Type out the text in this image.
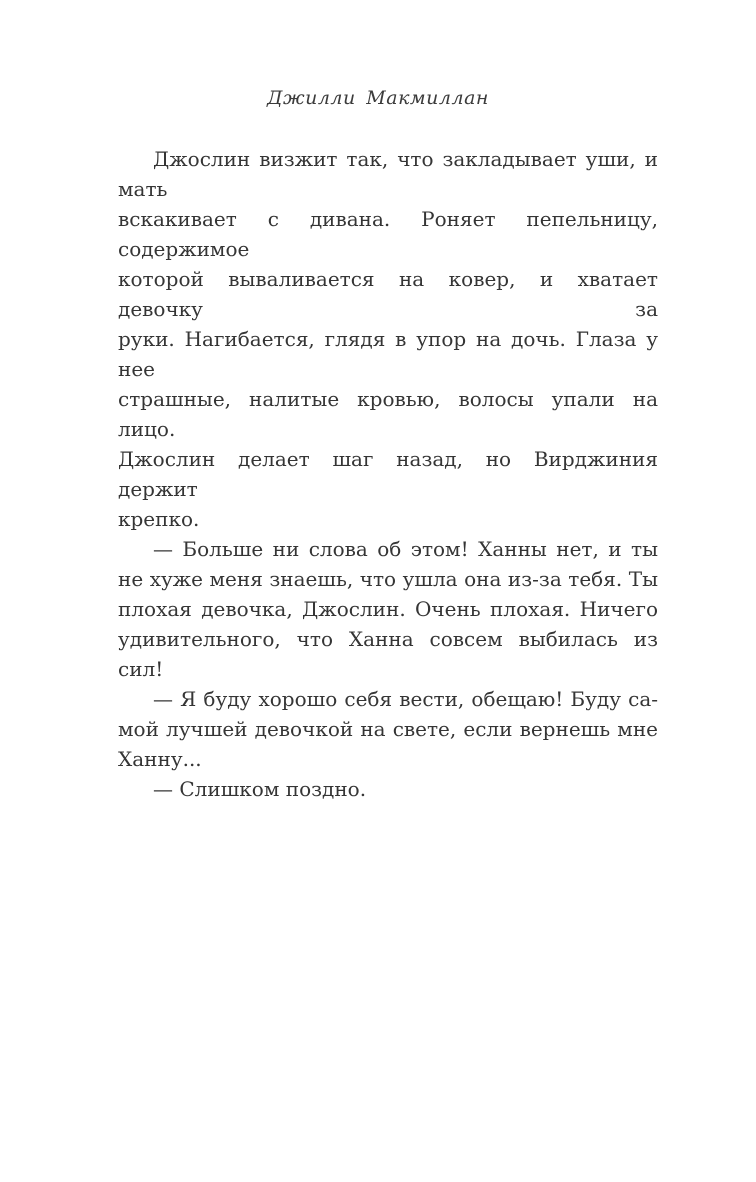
Джилли Макмиллан

Джослин визжит так, что закладывает уши, и мать
вскакивает с дивана. Роняет пепельницу, содержимое
которой вываливается на ковер, и хватает девочку за
руки. Нагибается, глядя в упор на дочь. Глаза у нее
страшные, налитые кровью, волосы упали на лицо.
Джослин делает шаг назад, но Вирджиния держит
крепко.

— Больше ни слова об этом! Ханны нет, и ты
не хуже меня знаешь, что ушла она из-за тебя. Ты
плохая девочка, Джослин. Очень плохая. Ничего
удивительного, что Ханна совсем выбилась из сил!

— Я буду хорошо себя вести, обещаю! Буду са-
мой лучшей девочкой на свете, если вернешь мне
Ханну...

— Слишком поздно.
